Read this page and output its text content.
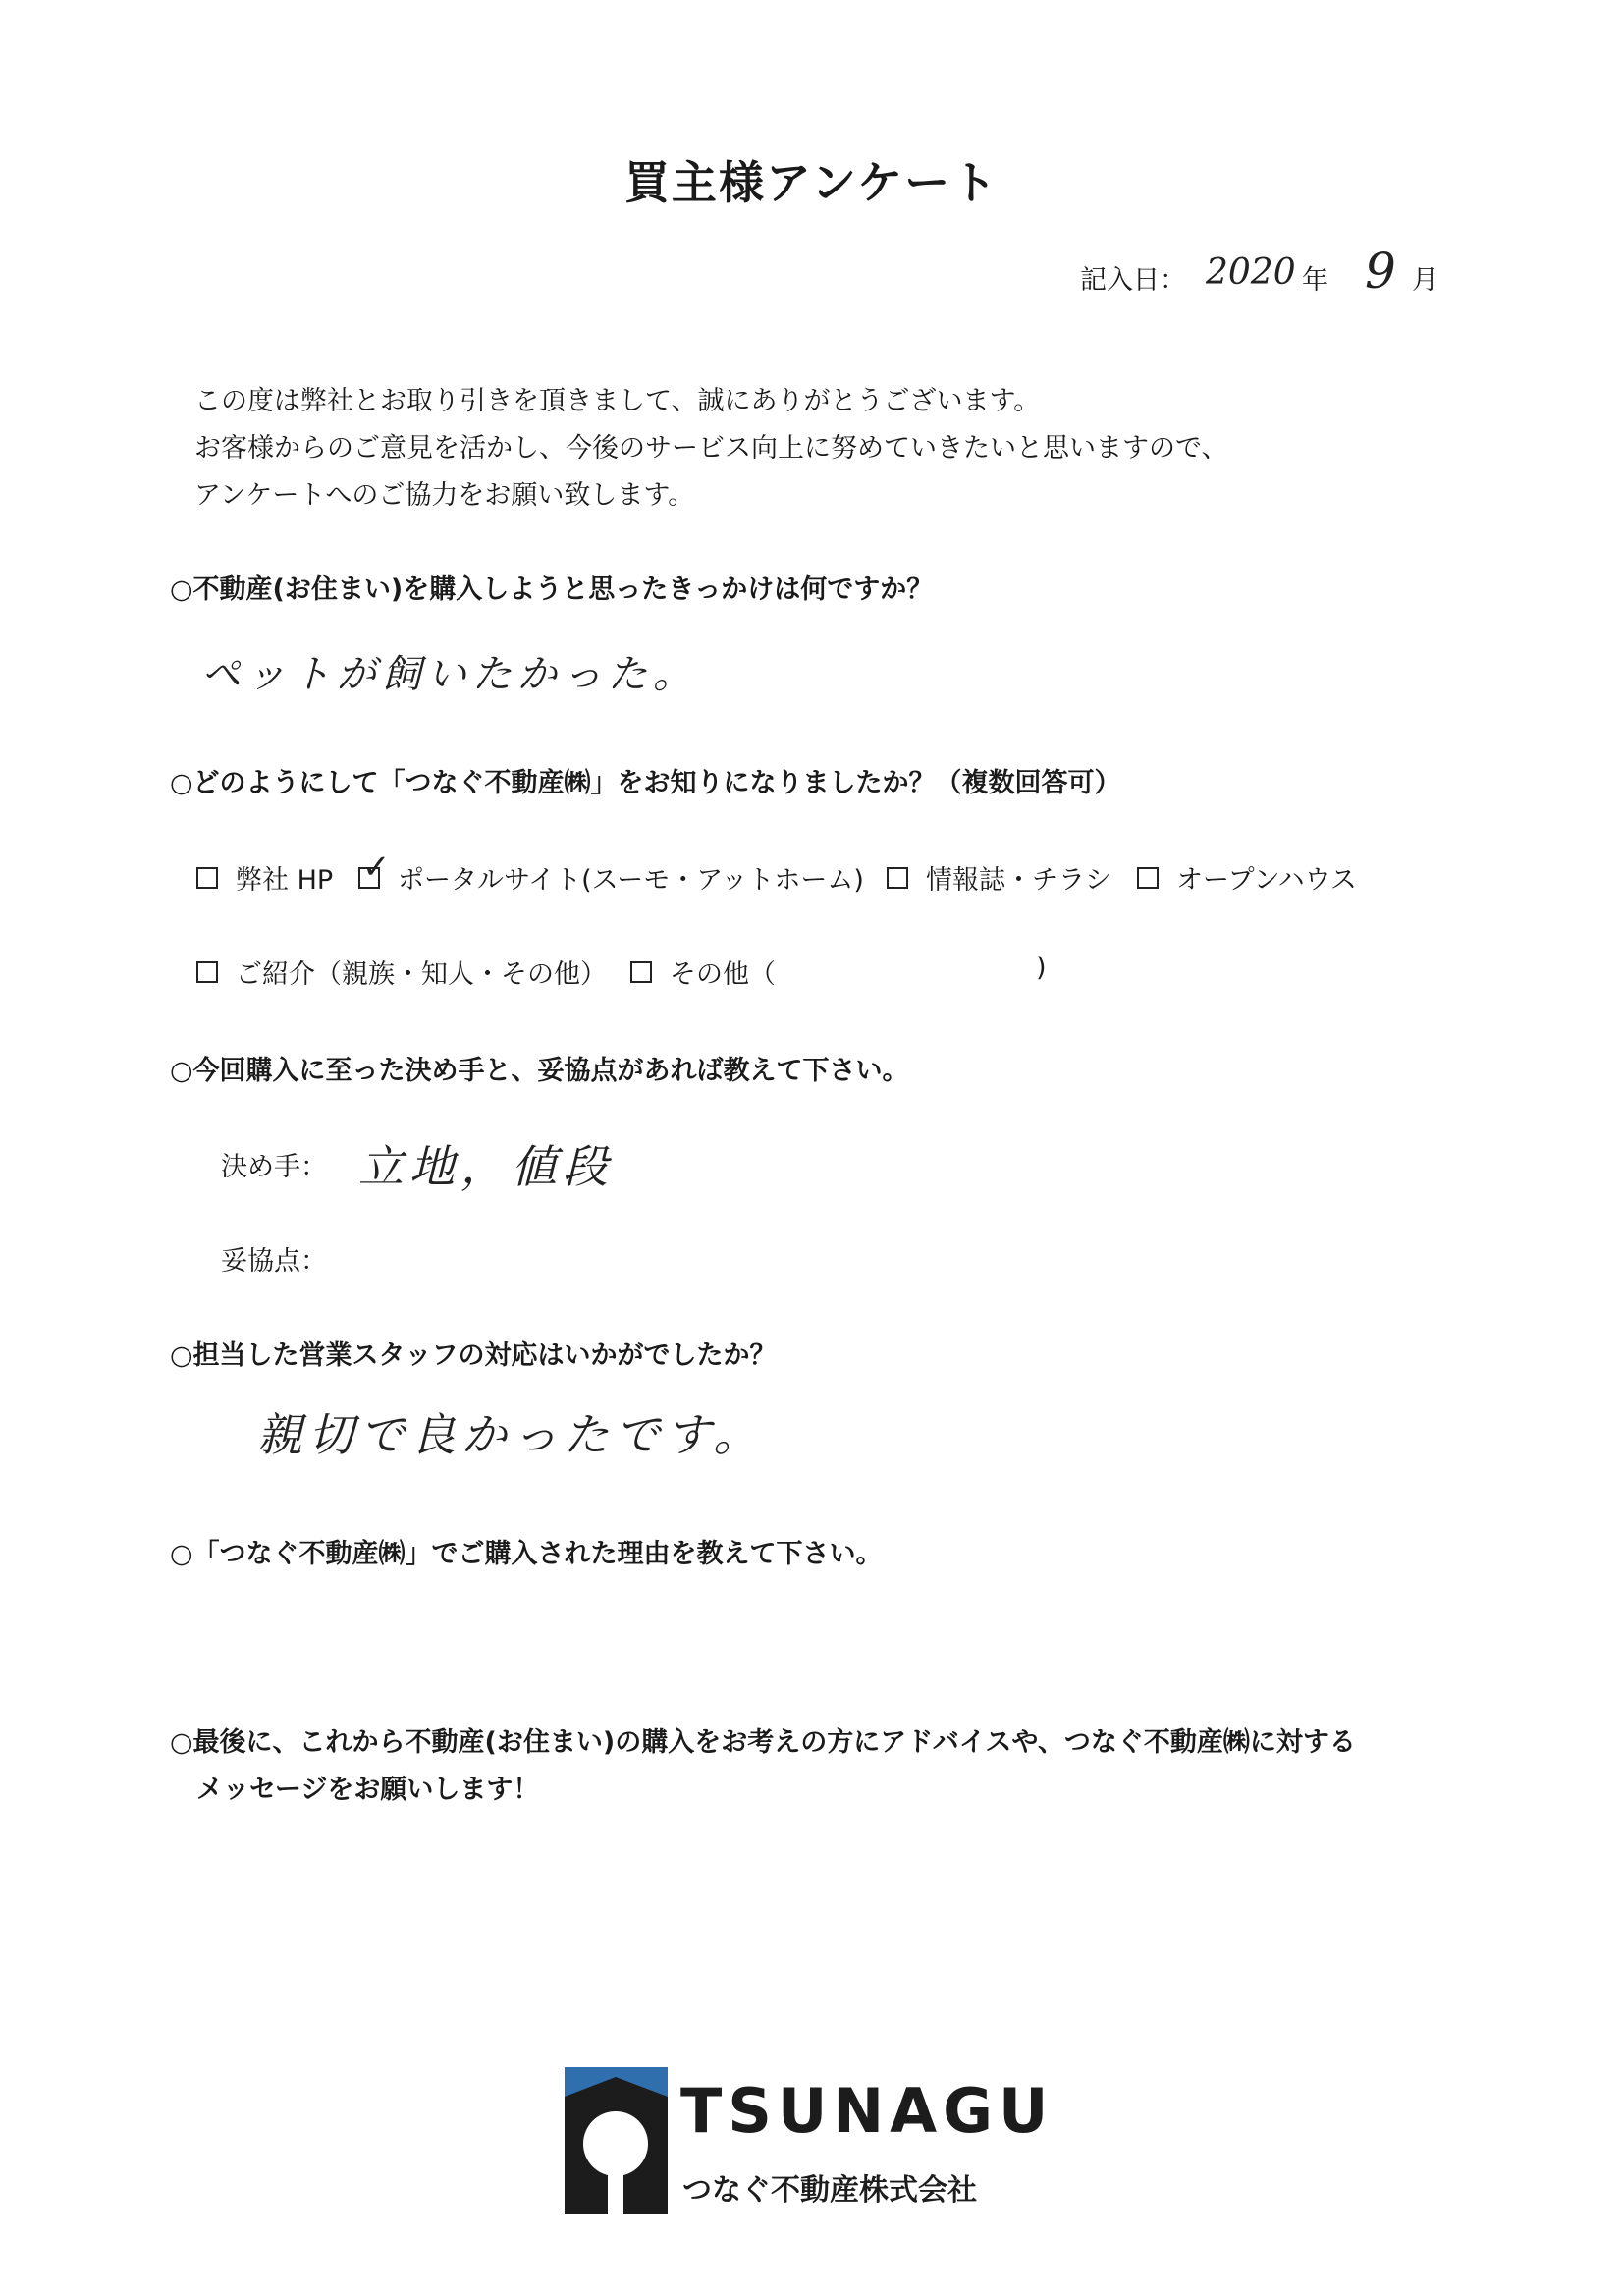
買主様アンケート
記入日： 2020 年 9 月
この度は弊社とお取り引きを頂きまして、誠にありがとうございます。
お客様からのご意見を活かし、今後のサービス向上に努めていきたいと思いますので、
アンケートへのご協力をお願い致します。
○不動産(お住まい)を購入しようと思ったきっかけは何ですか？
ペットが飼いたかった。
○どのようにして「つなぐ不動産㈱」をお知りになりましたか？（複数回答可）
弊社 HP ✓ ポータルサイト(スーモ・アットホーム) 情報誌・チラシ オープンハウス
ご紹介（親族・知人・その他） その他（	)
○今回購入に至った決め手と、妥協点があれば教えて下さい。
決め手： 立地，値段
妥協点：
○担当した営業スタッフの対応はいかがでしたか？
親切で良かったです。
○「つなぐ不動産㈱」でご購入された理由を教えて下さい。
○最後に、これから不動産(お住まい)の購入をお考えの方にアドバイスや、つなぐ不動産㈱に対する
メッセージをお願いします！
TSUNAGU
つなぐ不動産株式会社
